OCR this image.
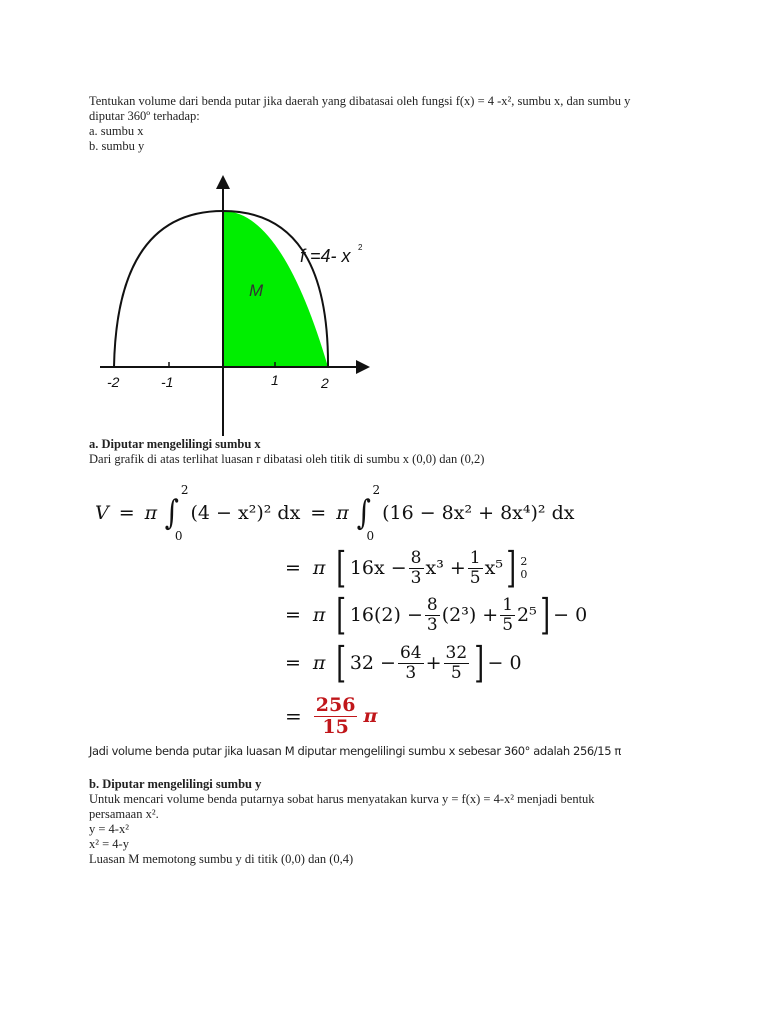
Tentukan volume dari benda putar jika daerah yang dibatasai oleh fungsi f(x) = 4 -x², sumbu x, dan sumbu y
diputar 360º terhadap:
a. sumbu x
b. sumbu y
-2	-1	1	2
M
f =4- x 2
a. Diputar mengelilingi sumbu x
Dari grafik di atas terlihat luasan r dibatasi oleh titik di sumbu x (0,0) dan (0,2)
V = π ∫
2
0
(4 − x²)² dx = π ∫
2
0
(16 − 8x² + 8x⁴)² dx
= π [ $16x - \frac{8}{3} x^3 + \frac{1}{5} x^5$ ] 2
0
= π [ $16(2) - \frac{8}{3} (2^3) + \frac{1}{5} 2^5$ ] − 0
= π [ $32 - \frac{64}{3} + \frac{32}{5}$ ] − 0
= $\frac{256}{15}$ π
Jadi volume benda putar jika luasan M diputar mengelilingi sumbu x sebesar 360° adalah 256/15 π
b. Diputar mengelilingi sumbu y
Untuk mencari volume benda putarnya sobat harus menyatakan kurva y = f(x) = 4-x² menjadi bentuk
persamaan x².
y = 4-x²
x² = 4-y
Luasan M memotong sumbu y di titik (0,0) dan (0,4)
